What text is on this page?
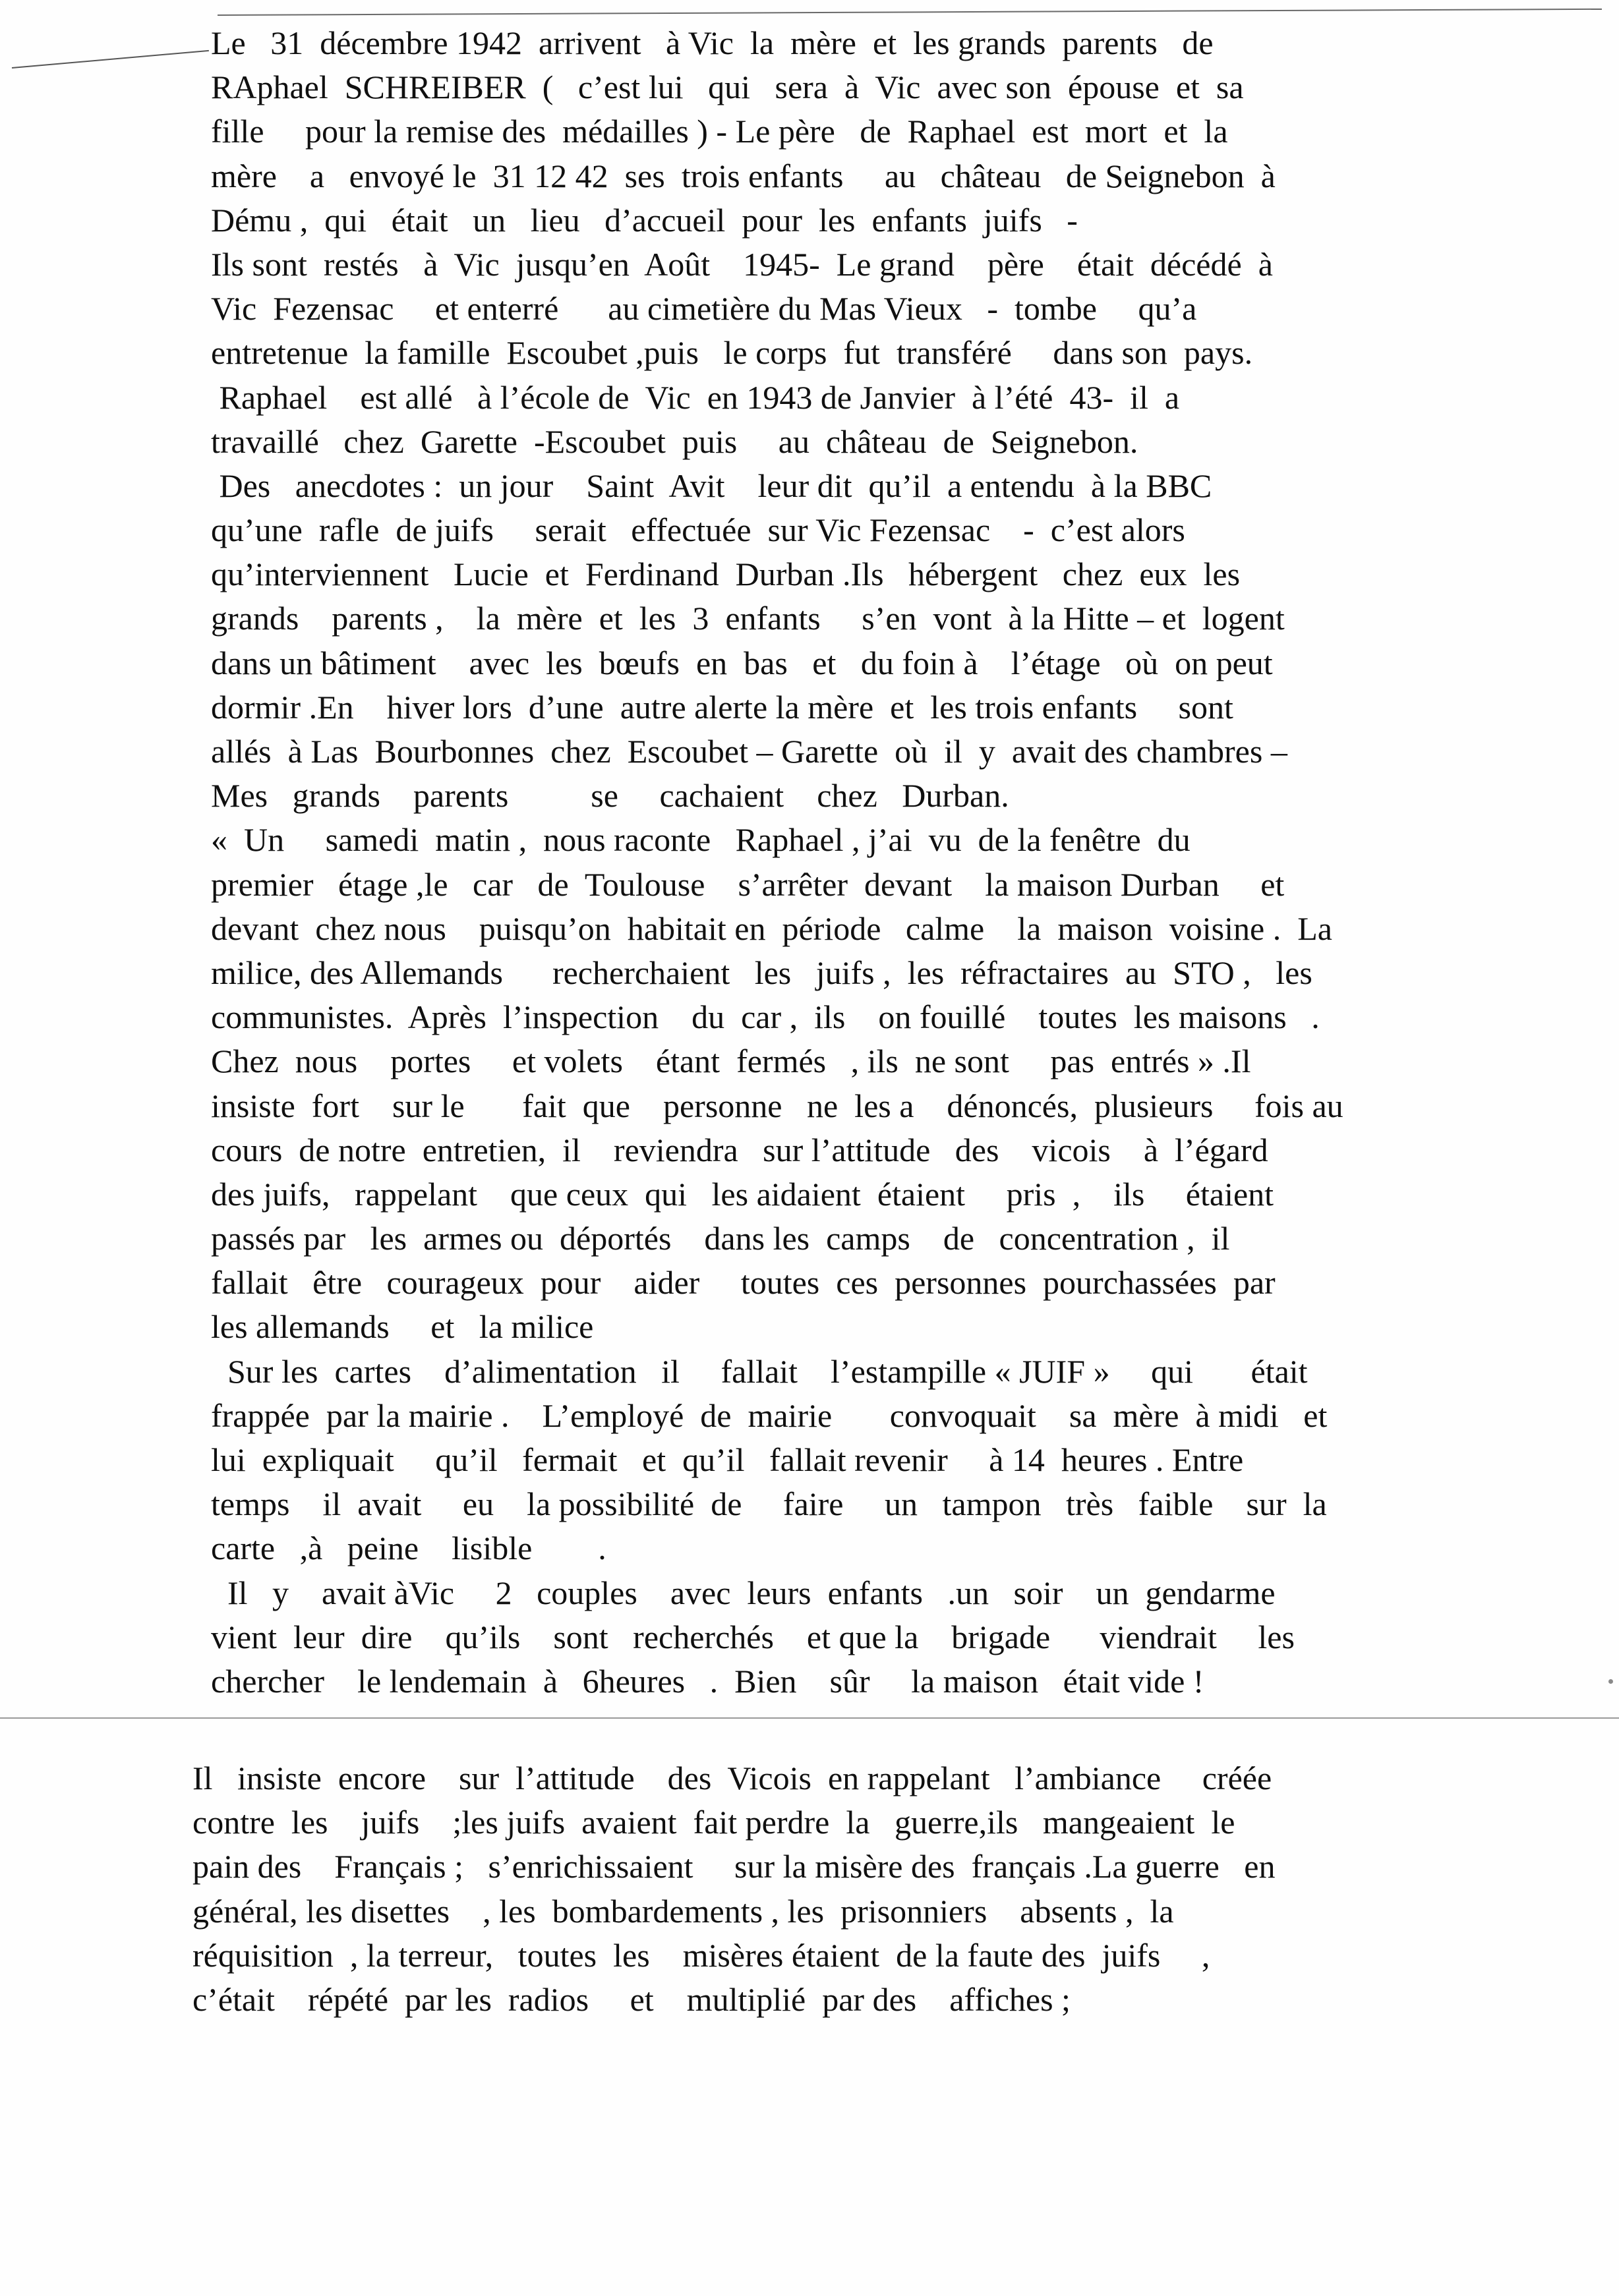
Le   31  décembre 1942  arrivent   à Vic  la  mère  et  les grands  parents   de
RAphael  SCHREIBER  (   c’est lui   qui   sera  à  Vic  avec son  épouse  et  sa
fille     pour la remise des  médailles ) - Le père   de  Raphael  est  mort  et  la
mère    a   envoyé le  31 12 42  ses  trois enfants     au   château   de Seignebon  à
Dému ,  qui   était   un   lieu   d’accueil  pour  les  enfants  juifs   -
Ils sont  restés   à  Vic  jusqu’en  Août    1945-  Le grand    père    était  décédé  à
Vic  Fezensac     et enterré      au cimetière du Mas Vieux   -  tombe     qu’a
entretenue  la famille  Escoubet ,puis   le corps  fut  transféré     dans son  pays.
Raphael    est allé   à l’école de  Vic  en 1943 de Janvier  à l’été  43-  il  a
travaillé   chez  Garette  -Escoubet  puis     au  château  de  Seignebon.
Des   anecdotes :  un jour    Saint  Avit    leur dit  qu’il  a entendu  à la BBC
qu’une  rafle  de juifs     serait   effectuée  sur Vic Fezensac    -  c’est alors
qu’interviennent   Lucie  et  Ferdinand  Durban .Ils   hébergent   chez  eux  les
grands    parents ,    la  mère  et  les  3  enfants     s’en  vont  à la Hitte – et  logent
dans un bâtiment    avec  les  bœufs  en  bas   et   du foin à    l’étage   où  on peut
dormir .En    hiver lors  d’une  autre alerte la mère  et  les trois enfants     sont
allés  à Las  Bourbonnes  chez  Escoubet – Garette  où  il  y  avait des chambres –
Mes   grands    parents          se     cachaient    chez   Durban.
«  Un     samedi  matin ,  nous raconte   Raphael , j’ai  vu  de la fenêtre  du
premier   étage ,le   car   de  Toulouse    s’arrêter  devant    la maison Durban     et
devant  chez nous    puisqu’on  habitait en  période   calme    la  maison  voisine .  La
milice, des Allemands      recherchaient   les   juifs ,  les  réfractaires  au  STO ,   les
communistes.  Après  l’inspection    du  car ,  ils    on fouillé    toutes  les maisons   .
Chez  nous    portes     et volets    étant  fermés   , ils  ne sont     pas  entrés » .Il
insiste  fort    sur le       fait  que    personne   ne  les a    dénoncés,  plusieurs     fois au
cours  de notre  entretien,  il    reviendra   sur l’attitude   des    vicois    à  l’égard
des juifs,   rappelant    que ceux  qui   les aidaient  étaient     pris  ,    ils     étaient
passés par   les  armes ou  déportés    dans les  camps    de   concentration ,  il
fallait   être   courageux  pour    aider     toutes  ces  personnes  pourchassées  par
les allemands     et   la milice
Sur les  cartes    d’alimentation   il     fallait    l’estampille « JUIF »     qui       était
frappée  par la mairie .    L’employé  de  mairie       convoquait    sa  mère  à midi   et
lui  expliquait     qu’il   fermait   et  qu’il   fallait revenir     à 14  heures . Entre
temps    il  avait     eu    la possibilité  de     faire     un   tampon   très   faible    sur  la
carte   ,à   peine    lisible        .
Il   y    avait àVic     2   couples    avec  leurs  enfants   .un   soir    un  gendarme
vient  leur  dire    qu’ils    sont   recherchés    et que la    brigade      viendrait     les
chercher    le lendemain  à   6heures   .  Bien    sûr     la maison   était vide !
Il   insiste  encore    sur  l’attitude    des  Vicois  en rappelant   l’ambiance     créée
contre  les    juifs    ;les juifs  avaient  fait perdre  la   guerre,ils   mangeaient  le
pain des    Français ;   s’enrichissaient     sur la misère des  français .La guerre   en
général, les disettes    , les  bombardements , les  prisonniers    absents ,  la
réquisition  , la terreur,   toutes  les    misères étaient  de la faute des  juifs     ,
c’était    répété  par les  radios     et    multiplié  par des    affiches ;
